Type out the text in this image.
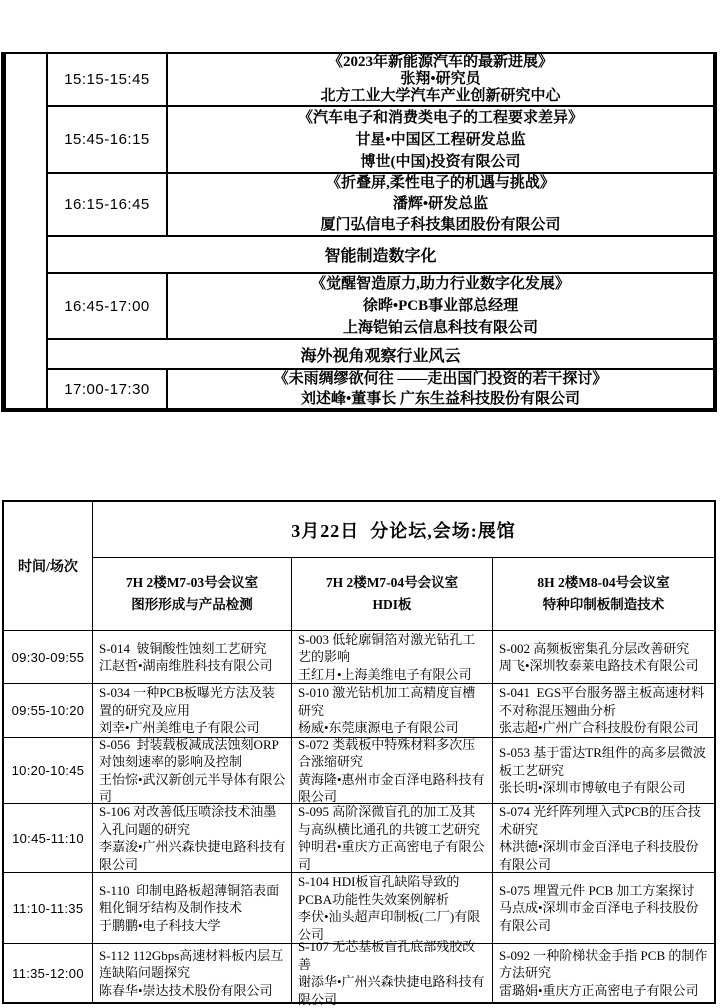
15:15-15:45
《2023年新能源汽车的最新进展》
张翔•研究员
北方工业大学汽车产业创新研究中心
15:45-16:15
《汽车电子和消费类电子的工程要求差异》
甘星•中国区工程研发总监
博世(中国)投资有限公司
16:15-16:45
《折叠屏,柔性电子的机遇与挑战》
潘辉•研发总监
厦门弘信电子科技集团股份有限公司
智能制造数字化
16:45-17:00
《觉醒智造原力,助力行业数字化发展》
徐晔•PCB事业部总经理
上海铠铂云信息科技有限公司
海外视角观察行业风云
17:00-17:30
《未雨绸缪欲何往 ——走出国门投资的若干探讨》
刘述峰•董事长 广东生益科技股份有限公司
时间/场次
3月22日  分论坛,会场:展馆
7H 2楼M7-03号会议室
图形形成与产品检测
7H 2楼M7-04号会议室
HDI板
8H 2楼M8-04号会议室
特种印制板制造技术
09:30-09:55
S-014  铍铜酸性蚀刻工艺研究
江赵哲•湖南维胜科技有限公司
S-003 低轮廓铜箔对激光钻孔工艺的影响
王红月•上海美维电子有限公司
S-002 高频板密集孔分层改善研究
周飞•深圳牧泰莱电路技术有限公司
09:55-10:20
S-034 一种PCB板曝光方法及装置的研究及应用
刘幸•广州美维电子有限公司
S-010 激光钻机加工高精度盲槽研究
杨威•东莞康源电子有限公司
S-041  EGS平台服务器主板高速材料不对称混压翘曲分析
张志超•广州广合科技股份有限公司
10:20-10:45
S-056  封装载板减成法蚀刻ORP对蚀刻速率的影响及控制
王怡悰•武汉新创元半导体有限公司
S-072 类载板中特殊材料多次压合涨缩研究
黄海隆•惠州市金百泽电路科技有限公司
S-053 基于雷达TR组件的高多层微波板工艺研究
张长明•深圳市博敏电子有限公司
10:45-11:10
S-106 对改善低压喷涂技术油墨入孔问题的研究
李嘉浚•广州兴森快捷电路科技有限公司
S-095 高阶深微盲孔的加工及其与高纵横比通孔的共镀工艺研究
钟明君•重庆方正高密电子有限公司
S-074 光纤阵列埋入式PCB的压合技术研究
林洪德•深圳市金百泽电子科技股份有限公司
11:10-11:35
S-110  印制电路板超薄铜箔表面粗化铜牙结构及制作技术
于鹏鹏•电子科技大学
S-104 HDI板盲孔缺陷导致的PCBA功能性失效案例解析
李伏•汕头超声印制板(二厂)有限公司
S-075 埋置元件 PCB 加工方案探讨
马点成•深圳市金百泽电子科技股份有限公司
11:35-12:00
S-112 112Gbps高速材料板内层互连缺陷问题探究
陈春华•崇达技术股份有限公司
S-107 无芯基板盲孔底部残胶改善
谢添华•广州兴森快捷电路科技有限公司
S-092 一种阶梯状金手指 PCB 的制作方法研究
雷璐娟•重庆方正高密电子有限公司
